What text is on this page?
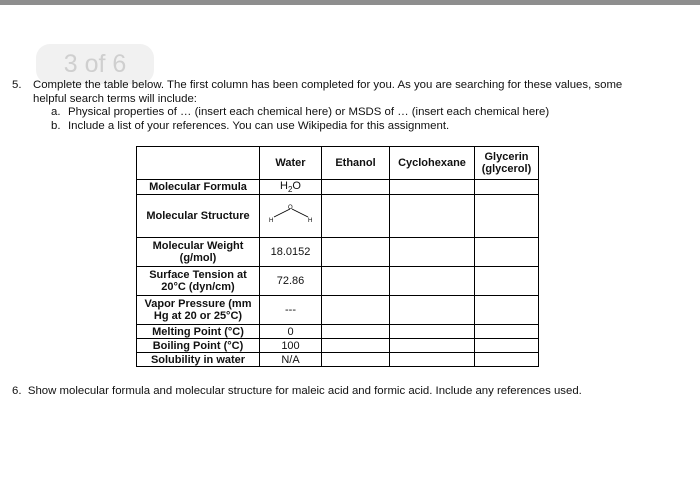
3 of 6
5. Complete the table below. The first column has been completed for you. As you are searching for these values, some
helpful search terms will include:
a. Physical properties of … (insert each chemical here) or MSDS of … (insert each chemical here)
b. Include a list of your references. You can use Wikipedia for this assignment.
	Water	Ethanol	Cyclohexane	Glycerin
(glycerol)

Molecular Formula	$H_2O$			
Molecular Structure	O
H H			

Molecular Weight
(g/mol)	18.0152			

Surface Tension at
20°C (dyn/cm)	72.86			

Vapor Pressure (mm
Hg at 20 or 25°C)	---			
Melting Point (°C)	0			
Boiling Point (°C)	100			
Solubility in water	N/A			
6. Show molecular formula and molecular structure for maleic acid and formic acid. Include any references used.
